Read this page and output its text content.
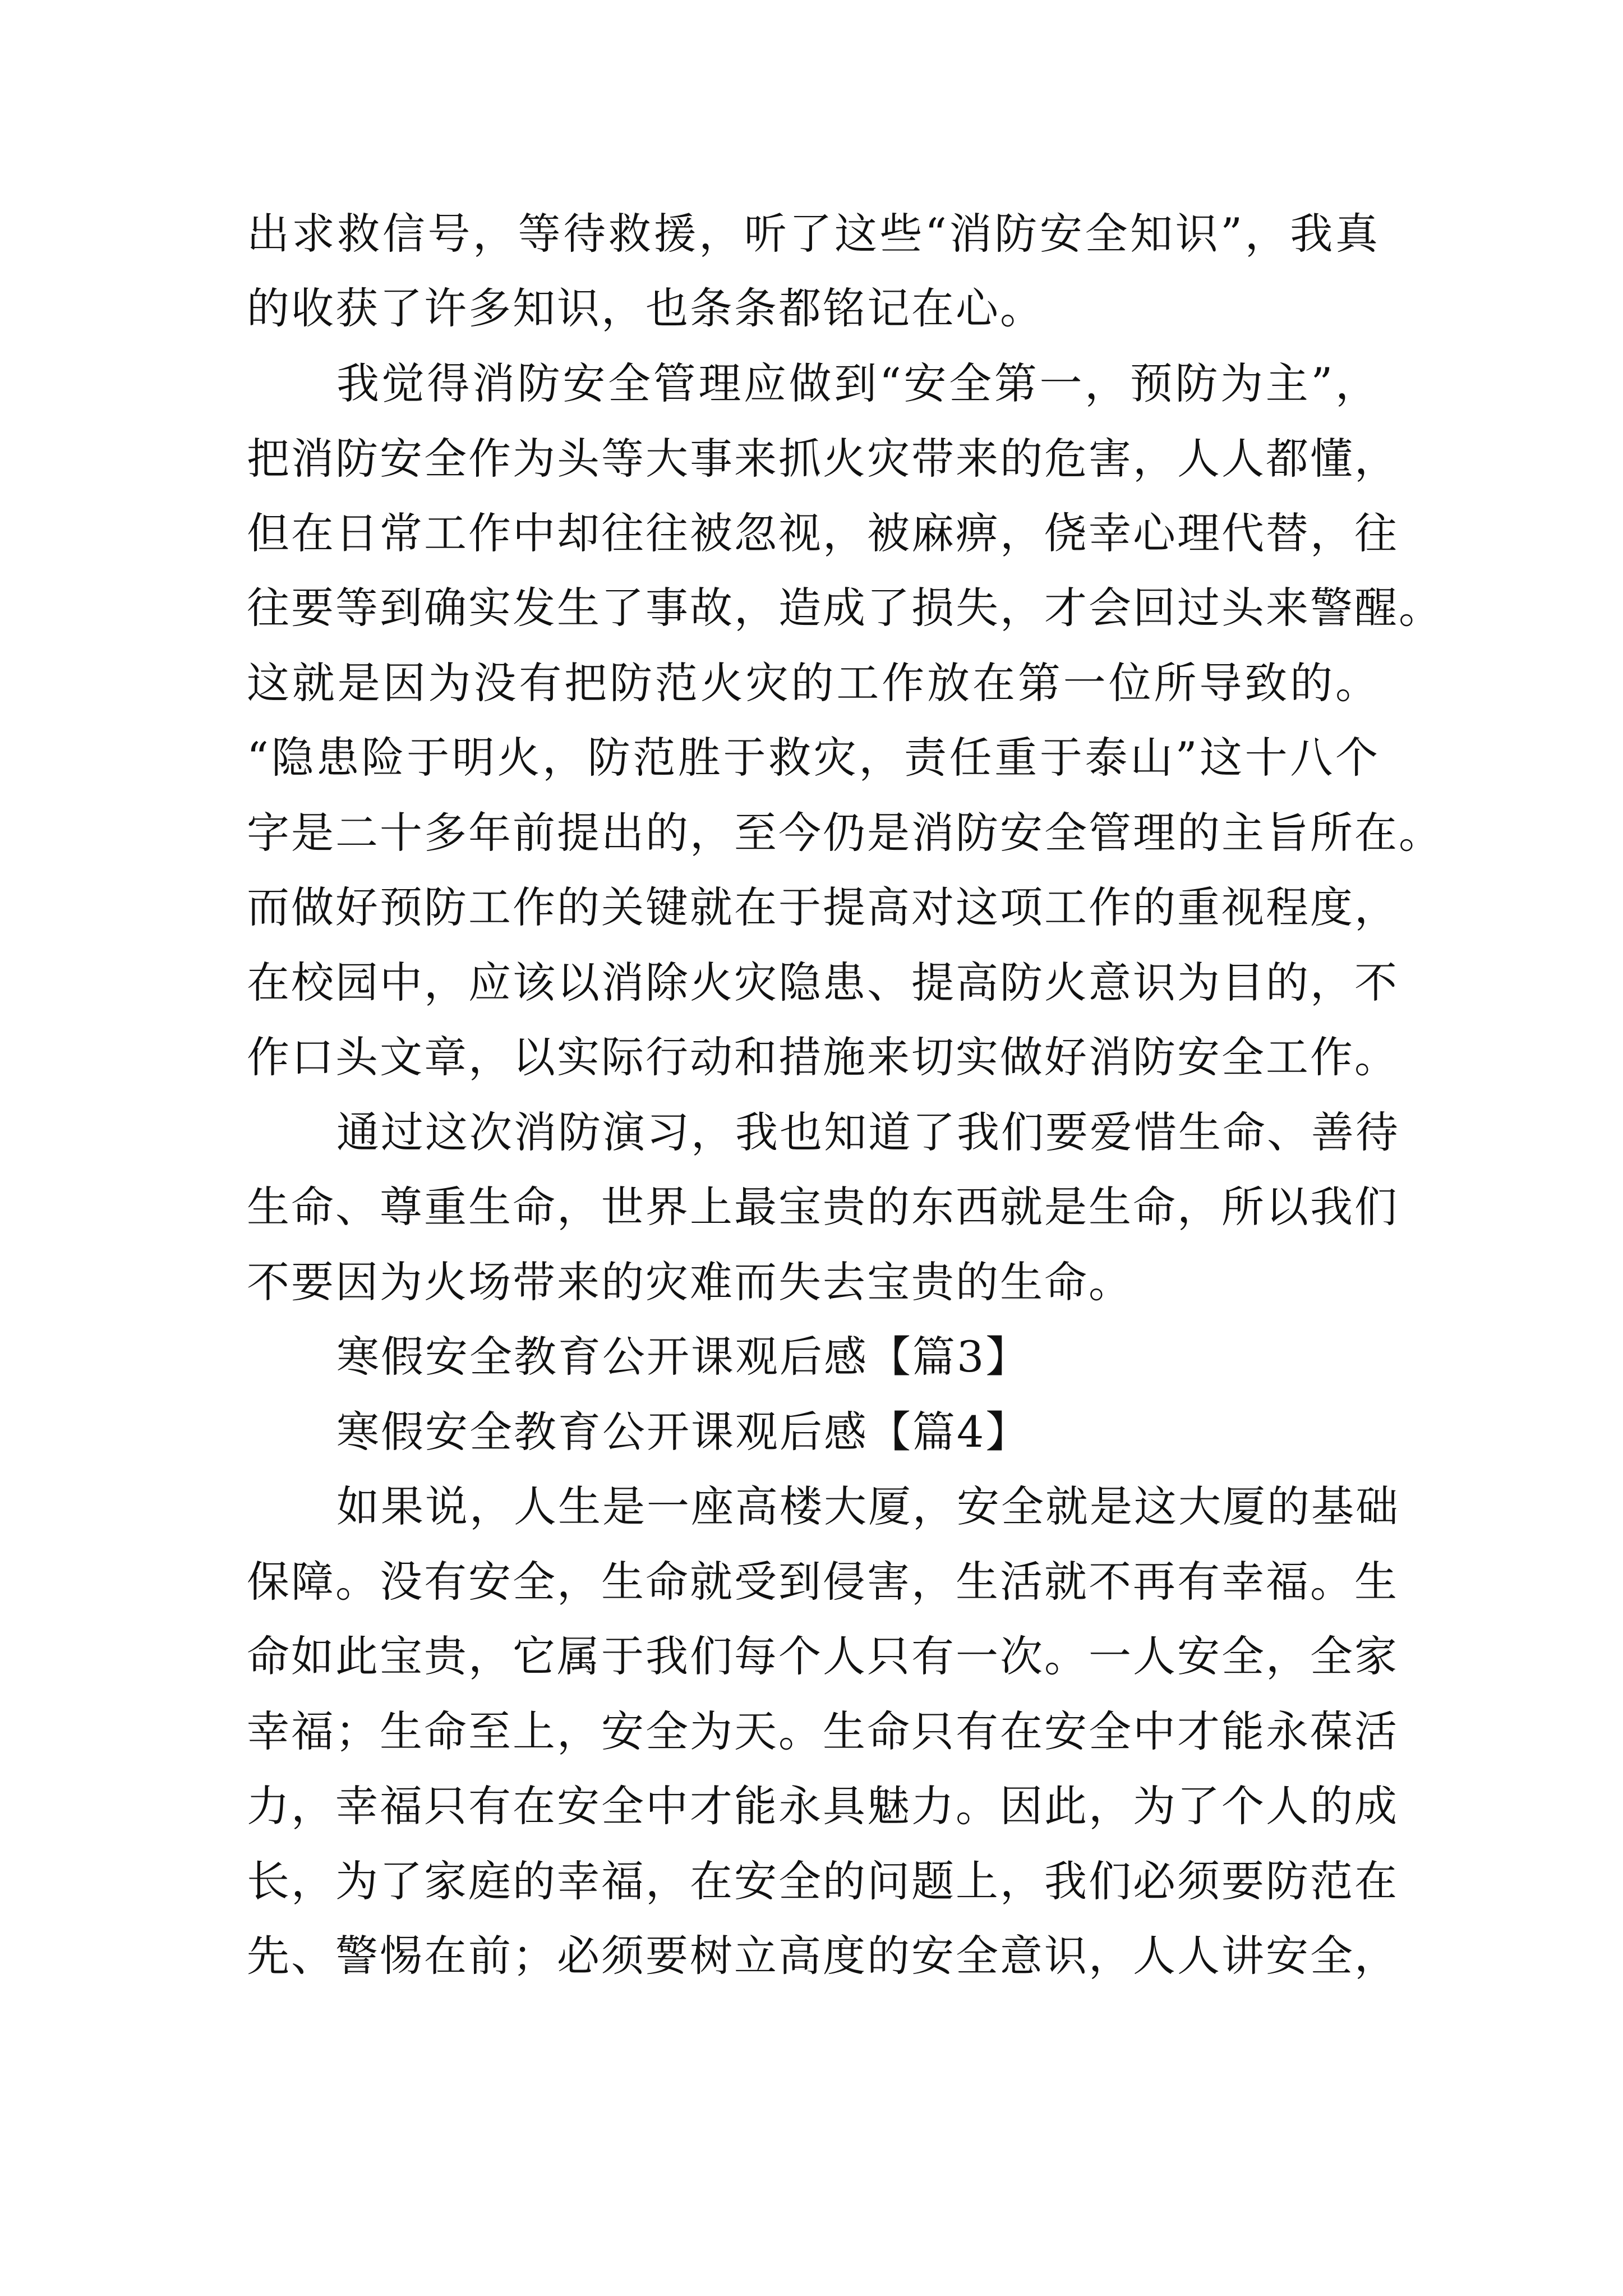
出求救信号，等待救援，听了这些“消防安全知识”，我真
的收获了许多知识，也条条都铭记在心。
我觉得消防安全管理应做到“安全第一，预防为主”，
把消防安全作为头等大事来抓火灾带来的危害，人人都懂，
但在日常工作中却往往被忽视，被麻痹，侥幸心理代替，往
往要等到确实发生了事故，造成了损失，才会回过头来警醒。
这就是因为没有把防范火灾的工作放在第一位所导致的。
“隐患险于明火，防范胜于救灾，责任重于泰山”这十八个
字是二十多年前提出的，至今仍是消防安全管理的主旨所在。
而做好预防工作的关键就在于提高对这项工作的重视程度，
在校园中，应该以消除火灾隐患、提高防火意识为目的，不
作口头文章，以实际行动和措施来切实做好消防安全工作。
通过这次消防演习，我也知道了我们要爱惜生命、善待
生命、尊重生命，世界上最宝贵的东西就是生命，所以我们
不要因为火场带来的灾难而失去宝贵的生命。
寒假安全教育公开课观后感【篇3】
寒假安全教育公开课观后感【篇4】
如果说，人生是一座高楼大厦，安全就是这大厦的基础
保障。没有安全，生命就受到侵害，生活就不再有幸福。生
命如此宝贵，它属于我们每个人只有一次。一人安全，全家
幸福；生命至上，安全为天。生命只有在安全中才能永葆活
力，幸福只有在安全中才能永具魅力。因此，为了个人的成
长，为了家庭的幸福，在安全的问题上，我们必须要防范在
先、警惕在前；必须要树立高度的安全意识，人人讲安全，
